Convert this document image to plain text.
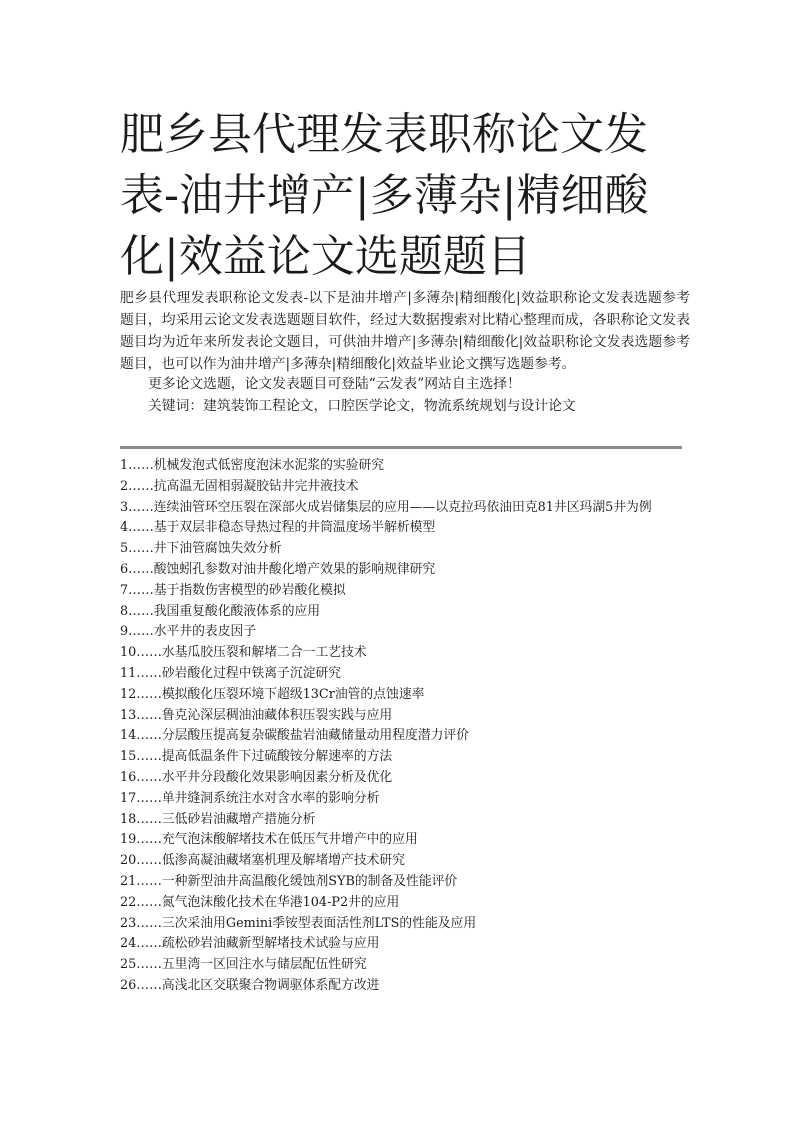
肥乡县代理发表职称论文发表-油井增产|多薄杂|精细酸化|效益论文选题题目

肥乡县代理发表职称论文发表-以下是油井增产|多薄杂|精细酸化|效益职称论文发表选题参考题目，均采用云论文发表选题题目软件，经过大数据搜索对比精心整理而成，各职称论文发表题目均为近年来所发表论文题目，可供油井增产|多薄杂|精细酸化|效益职称论文发表选题参考题目，也可以作为油井增产|多薄杂|精细酸化|效益毕业论文撰写选题参考。

更多论文选题，论文发表题目可登陆“云发表”网站自主选择！

关键词：建筑装饰工程论文，口腔医学论文，物流系统规划与设计论文

1……机械发泡式低密度泡沫水泥浆的实验研究
2……抗高温无固相弱凝胶钻井完井液技术
3……连续油管环空压裂在深部火成岩储集层的应用——以克拉玛依油田克81井区玛湖5井为例
4……基于双层非稳态导热过程的井筒温度场半解析模型
5……井下油管腐蚀失效分析
6……酸蚀蚓孔参数对油井酸化增产效果的影响规律研究
7……基于指数伤害模型的砂岩酸化模拟
8……我国重复酸化酸液体系的应用
9……水平井的表皮因子
10……水基瓜胶压裂和解堵二合一工艺技术
11……砂岩酸化过程中铁离子沉淀研究
12……模拟酸化压裂环境下超级13Cr油管的点蚀速率
13……鲁克沁深层稠油油藏体积压裂实践与应用
14……分层酸压提高复杂碳酸盐岩油藏储量动用程度潜力评价
15……提高低温条件下过硫酸铵分解速率的方法
16……水平井分段酸化效果影响因素分析及优化
17……单井缝洞系统注水对含水率的影响分析
18……三低砂岩油藏增产措施分析
19……充气泡沫酸解堵技术在低压气井增产中的应用
20……低渗高凝油藏堵塞机理及解堵增产技术研究
21……一种新型油井高温酸化缓蚀剂SYB的制备及性能评价
22……氮气泡沫酸化技术在华港104-P2井的应用
23……三次采油用Gemini季铵型表面活性剂LTS的性能及应用
24……疏松砂岩油藏新型解堵技术试验与应用
25……五里湾一区回注水与储层配伍性研究
26……高浅北区交联聚合物调驱体系配方改进
